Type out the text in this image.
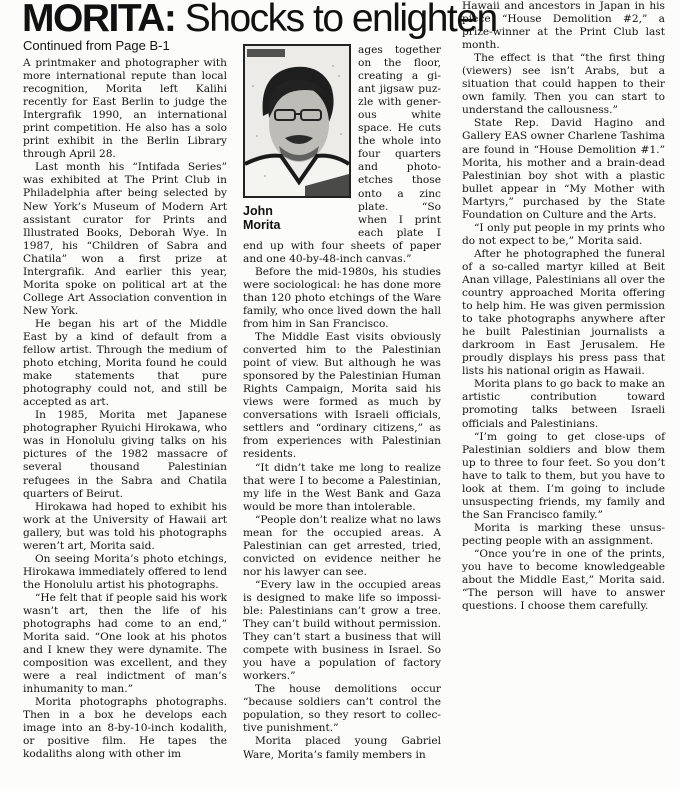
MORITA: Shocks to enlighten
Continued from Page B-1

A printmaker and photographer with more international repute than local recognition, Morita left Kalihi recently for East Berlin to judge the Intergrafik 1990, an international print competition. He also has a solo print exhibit in the Berlin Library through April 28.

Last month his “Intifada Series” was exhibited at The Print Club in Philadelphia after being selected by New York’s Museum of Modern Art assistant curator for Prints and Illustrated Books, Deborah Wye. In 1987, his “Children of Sabra and Chatila” won a first prize at Intergrafik. And earlier this year, Morita spoke on political art at the College Art Association convention in New York.

He began his art of the Middle East by a kind of default from a fellow artist. Through the medium of photo etching, Morita found he could make statements that pure photography could not, and still be accepted as art.

In 1985, Morita met Japanese photographer Ryuichi Hirokawa, who was in Honolulu giving talks on his pictures of the 1982 massacre of several thousand Palestinian refugees in the Sabra and Chatila quarters of Beirut.

Hirokawa had hoped to exhibit his work at the University of Hawaii art gallery, but was told his photographs weren’t art, Morita said.

On seeing Morita’s photo etchings, Hirokawa immediately offered to lend the Honolulu artist his photographs.

“He felt that if people said his work wasn’t art, then the life of his photographs had come to an end,” Morita said. “One look at his photos and I knew they were dynamite. The composition was excellent, and they were a real indictment of man’s inhumanity to man.”

Morita photographs photographs. Then in a box he develops each image into an 8-by-10-inch kodalith, or positive film. He tapes the kodaliths along with other im

John
Morita

ages together on the floor, creating a giant jigsaw puzzle with generous white space. He cuts the whole into four quarters and photoetches those onto a zinc plate. “So when I print each plate I end up with four sheets of paper and one 40-by-48-inch canvas.”

Before the mid-1980s, his studies were sociological: he has done more than 120 photo etchings of the Ware family, who once lived down the hall from him in San Francisco.

The Middle East visits obviously converted him to the Palestinian point of view. But although he was sponsored by the Palestinian Human Rights Campaign, Morita said his views were formed as much by conversations with Israeli officials, settlers and “ordinary citizens,” as from experiences with Palestinian residents.

“It didn’t take me long to realize that were I to become a Palestinian, my life in the West Bank and Gaza would be more than intolerable.

“People don’t realize what no laws mean for the occupied areas. A Palestinian can get arrested, tried, convicted on evidence neither he nor his lawyer can see.

“Every law in the occupied areas is designed to make life so impossible: Palestinians can’t grow a tree. They can’t build without permission. They can’t start a business that will compete with business in Israel. So you have a population of factory workers.”

The house demolitions occur “because soldiers can’t control the population, so they resort to collective punishment.”

Morita placed young Gabriel Ware, Morita’s family members in

Hawaii and ancestors in Japan in his piece “House Demolition #2,” a prize-winner at the Print Club last month.

The effect is that “the first thing (viewers) see isn’t Arabs, but a situation that could happen to their own family. Then you can start to understand the callousness.”

State Rep. David Hagino and Gallery EAS owner Charlene Tashima are found in “House Demolition #1.” Morita, his mother and a brain-dead Palestinian boy shot with a plastic bullet appear in “My Mother with Martyrs,” purchased by the State Foundation on Culture and the Arts.

“I only put people in my prints who do not expect to be,” Morita said.

After he photographed the funeral of a so-called martyr killed at Beit Anan village, Palestinians all over the country approached Morita offering to help him. He was given permission to take photographs anywhere after he built Palestinian journalists a darkroom in East Jerusalem. He proudly displays his press pass that lists his national origin as Hawaii.

Morita plans to go back to make an artistic contribution toward promoting talks between Israeli officials and Palestinians.

“I’m going to get close-ups of Palestinian soldiers and blow them up to three to four feet. So you don’t have to talk to them, but you have to look at them. I’m going to include unsuspecting friends, my family and the San Francisco family.”

Morita is marking these unsuspecting people with an assignment.

“Once you’re in one of the prints, you have to become knowledgeable about the Middle East,” Morita said. “The person will have to answer questions. I choose them carefully.
